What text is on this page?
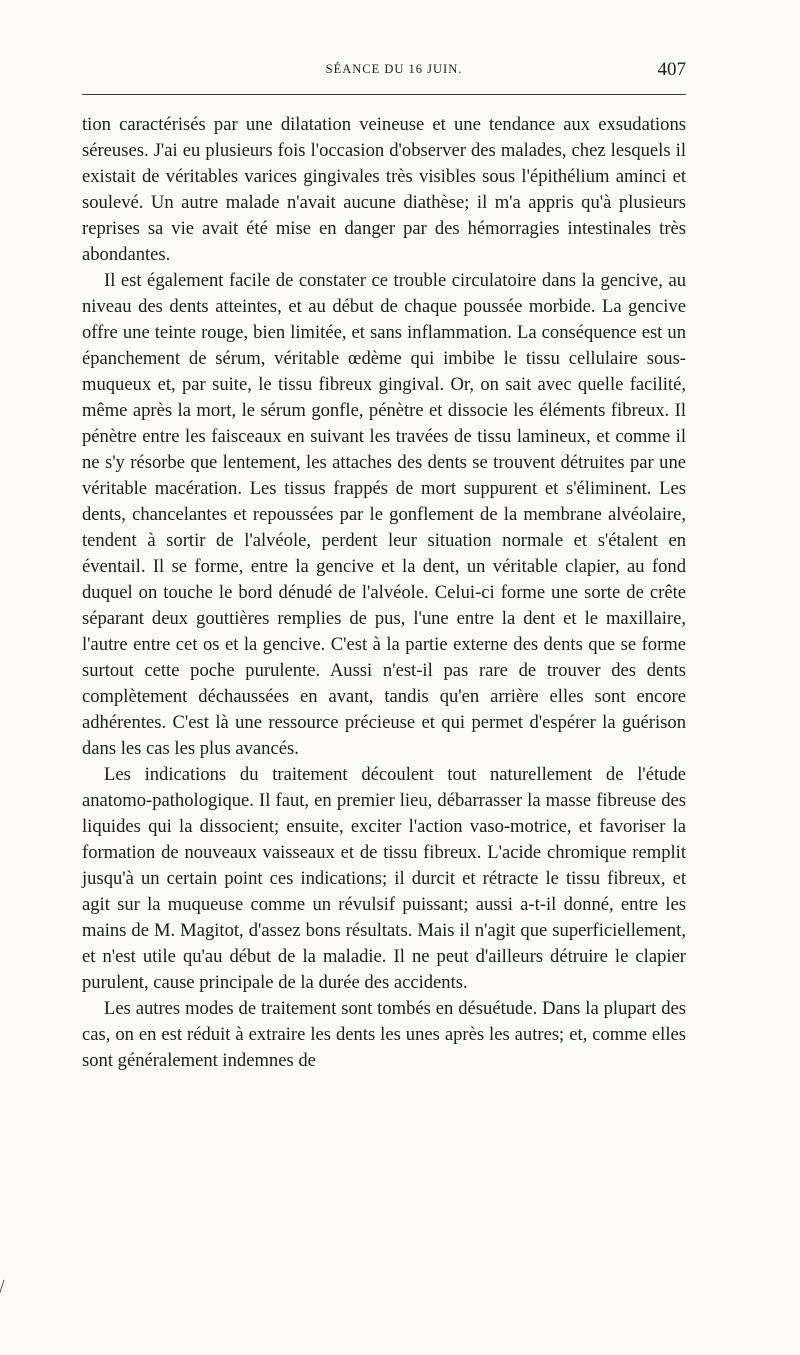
SÉANCE DU 16 JUIN.	407

tion caractérisés par une dilatation veineuse et une tendance aux exsudations séreuses. J'ai eu plusieurs fois l'occasion d'observer des malades, chez lesquels il existait de véritables varices gingivales très visibles sous l'épithélium aminci et soulevé. Un autre malade n'avait aucune diathèse; il m'a appris qu'à plusieurs reprises sa vie avait été mise en danger par des hémorragies intestinales très abondantes.

Il est également facile de constater ce trouble circulatoire dans la gencive, au niveau des dents atteintes, et au début de chaque poussée morbide. La gencive offre une teinte rouge, bien limitée, et sans inflammation. La conséquence est un épanchement de sérum, véritable œdème qui imbibe le tissu cellulaire sous-muqueux et, par suite, le tissu fibreux gingival. Or, on sait avec quelle facilité, même après la mort, le sérum gonfle, pénètre et dissocie les éléments fibreux. Il pénètre entre les faisceaux en suivant les travées de tissu lamineux, et comme il ne s'y résorbe que lentement, les attaches des dents se trouvent détruites par une véritable macération. Les tissus frappés de mort suppurent et s'éliminent. Les dents, chancelantes et repoussées par le gonflement de la membrane alvéolaire, tendent à sortir de l'alvéole, perdent leur situation normale et s'étalent en éventail. Il se forme, entre la gencive et la dent, un véritable clapier, au fond duquel on touche le bord dénudé de l'alvéole. Celui-ci forme une sorte de crête séparant deux gouttières remplies de pus, l'une entre la dent et le maxillaire, l'autre entre cet os et la gencive. C'est à la partie externe des dents que se forme surtout cette poche purulente. Aussi n'est-il pas rare de trouver des dents complètement déchaussées en avant, tandis qu'en arrière elles sont encore adhérentes. C'est là une ressource précieuse et qui permet d'espérer la guérison dans les cas les plus avancés.

Les indications du traitement découlent tout naturellement de l'étude anatomo-pathologique. Il faut, en premier lieu, débarrasser la masse fibreuse des liquides qui la dissocient; ensuite, exciter l'action vaso-motrice, et favoriser la formation de nouveaux vaisseaux et de tissu fibreux. L'acide chromique remplit jusqu'à un certain point ces indications; il durcit et rétracte le tissu fibreux, et agit sur la muqueuse comme un révulsif puissant; aussi a-t-il donné, entre les mains de M. Magitot, d'assez bons résultats. Mais il n'agit que superficiellement, et n'est utile qu'au début de la maladie. Il ne peut d'ailleurs détruire le clapier purulent, cause principale de la durée des accidents.

Les autres modes de traitement sont tombés en désuétude. Dans la plupart des cas, on en est réduit à extraire les dents les unes après les autres; et, comme elles sont généralement indemnes de
